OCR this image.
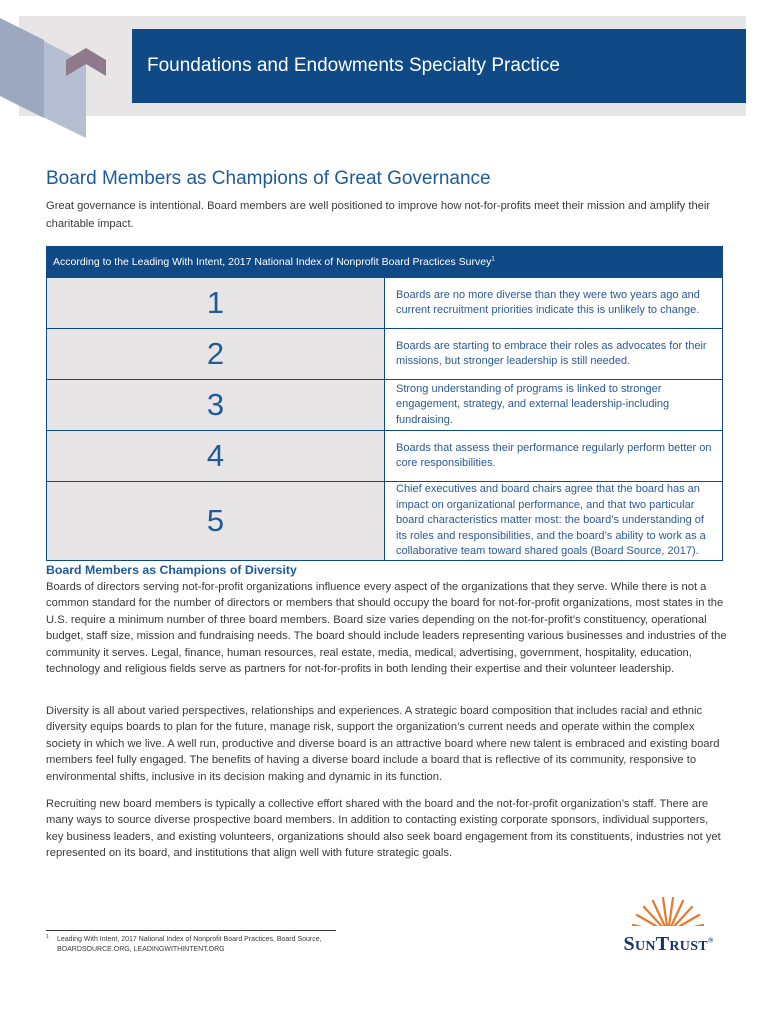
Foundations and Endowments Specialty Practice
Board Members as Champions of Great Governance

Great governance is intentional. Board members are well positioned to improve how not-for-profits meet their mission and amplify their charitable impact.

According to the Leading With Intent, 2017 National Index of Nonprofit Board Practices Survey$^1$
1	Boards are no more diverse than they were two years ago and current recruitment priorities indicate this is unlikely to change.
2	Boards are starting to embrace their roles as advocates for their missions, but stronger leadership is still needed.
3	Strong understanding of programs is linked to stronger engagement, strategy, and external leadership-including fundraising.
4	Boards that assess their performance regularly perform better on core responsibilities.
5	Chief executives and board chairs agree that the board has an impact on organizational performance, and that two particular board characteristics matter most: the board’s understanding of its roles and responsibilities, and the board’s ability to work as a collaborative team toward shared goals (Board Source, 2017).
Board Members as Champions of Diversity

Boards of directors serving not-for-profit organizations influence every aspect of the organizations that they serve. While there is not a common standard for the number of directors or members that should occupy the board for not-for-profit organizations, most states in the U.S. require a minimum number of three board members. Board size varies depending on the not-for-profit’s constituency, operational budget, staff size, mission and fundraising needs. The board should include leaders representing various businesses and industries of the community it serves. Legal, finance, human resources, real estate, media, medical, advertising, government, hospitality, education, technology and religious fields serve as partners for not-for-profits in both lending their expertise and their volunteer leadership.

Diversity is all about varied perspectives, relationships and experiences. A strategic board composition that includes racial and ethnic diversity equips boards to plan for the future, manage risk, support the organization’s current needs and operate within the complex society in which we live. A well run, productive and diverse board is an attractive board where new talent is embraced and existing board members feel fully engaged. The benefits of having a diverse board include a board that is reflective of its community, responsive to environmental shifts, inclusive in its decision making and dynamic in its function.

Recruiting new board members is typically a collective effort shared with the board and the not-for-profit organization’s staff. There are many ways to source diverse prospective board members. In addition to contacting existing corporate sponsors, individual supporters, key business leaders, and existing volunteers, organizations should also seek board engagement from its constituents, industries not yet represented on its board, and institutions that align well with future strategic goals.

1 Leading With Intent, 2017 National Index of Nonprofit Board Practices, Board Source,
BOARDSOURCE.ORG, LEADINGWITHINTENT.ORG	SunTrust®
